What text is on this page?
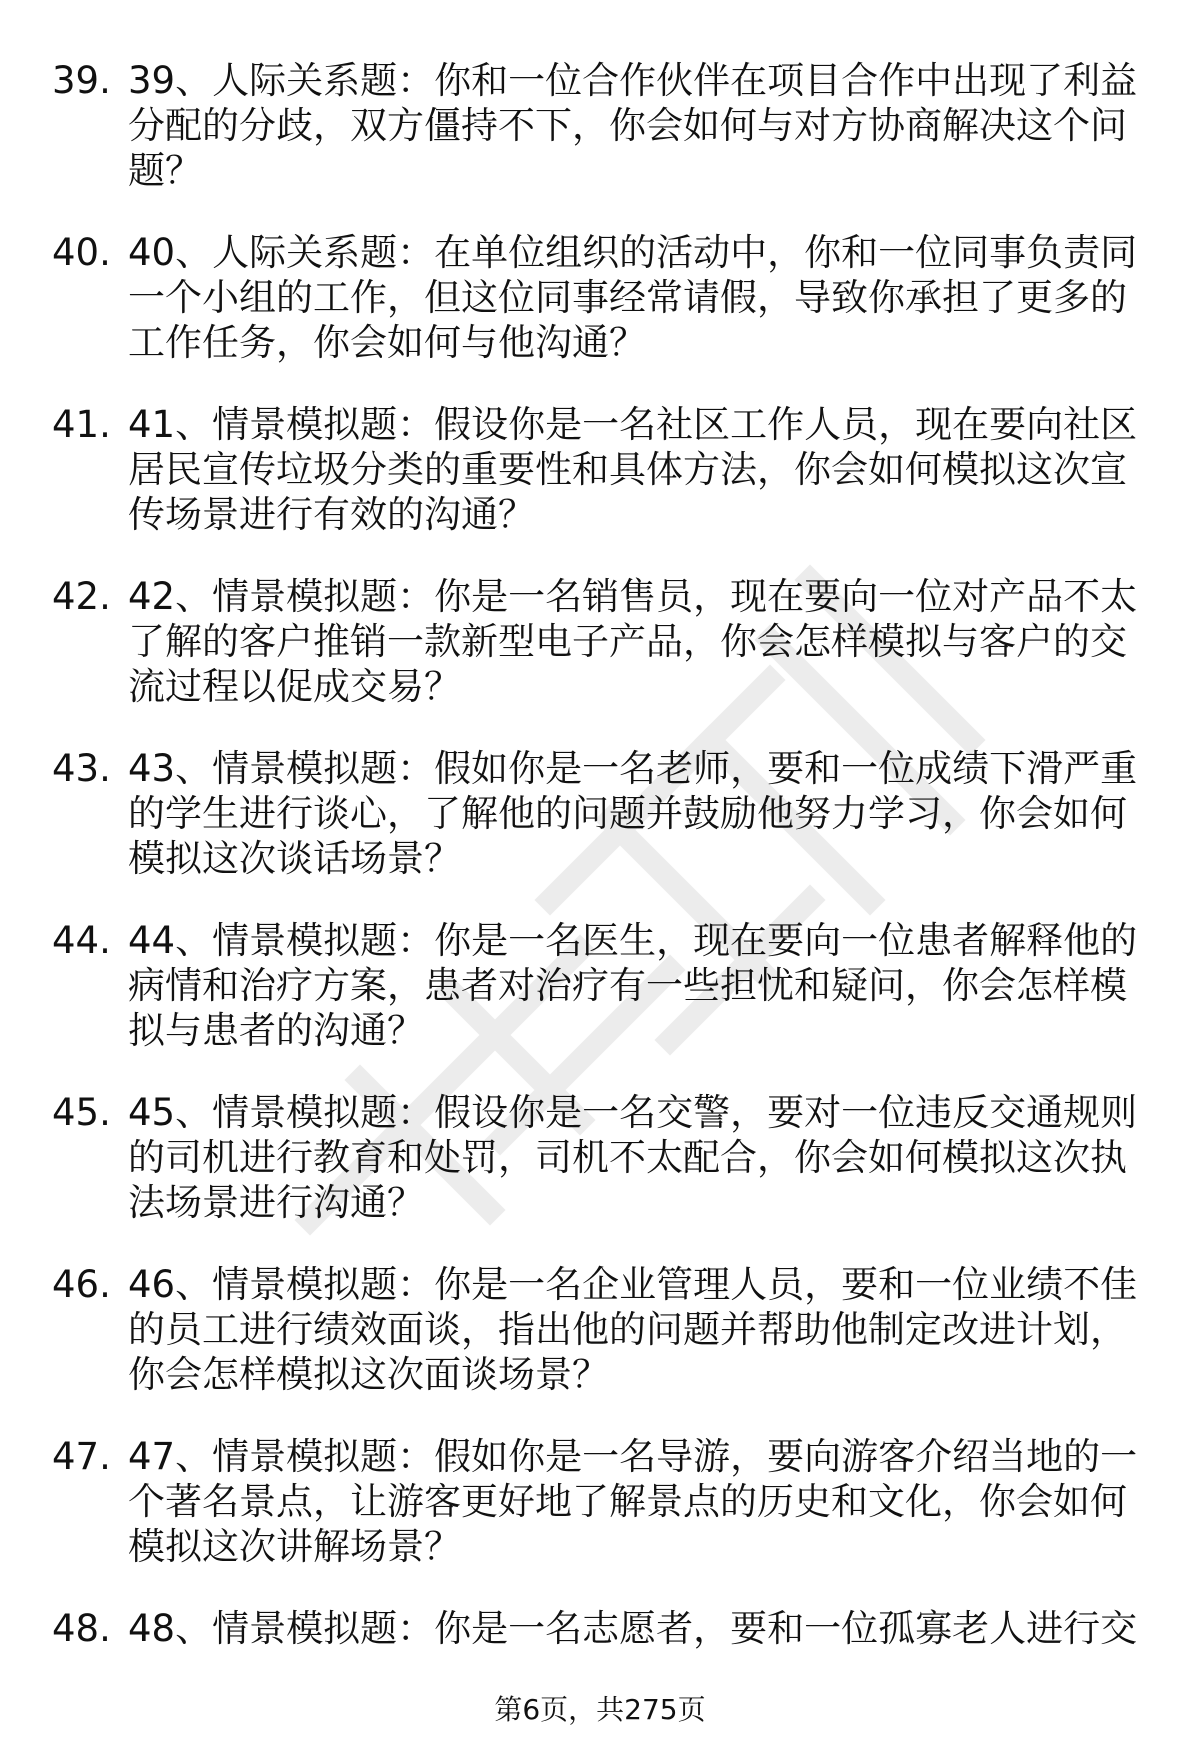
39. 39、人际关系题：你和一位合作伙伴在项目合作中出现了利益分配的分歧，双方僵持不下，你会如何与对方协商解决这个问题？
40. 40、人际关系题：在单位组织的活动中，你和一位同事负责同一个小组的工作，但这位同事经常请假，导致你承担了更多的工作任务，你会如何与他沟通？
41. 41、情景模拟题：假设你是一名社区工作人员，现在要向社区居民宣传垃圾分类的重要性和具体方法，你会如何模拟这次宣传场景进行有效的沟通？
42. 42、情景模拟题：你是一名销售员，现在要向一位对产品不太了解的客户推销一款新型电子产品，你会怎样模拟与客户的交流过程以促成交易？
43. 43、情景模拟题：假如你是一名老师，要和一位成绩下滑严重的学生进行谈心，了解他的问题并鼓励他努力学习，你会如何模拟这次谈话场景？
44. 44、情景模拟题：你是一名医生，现在要向一位患者解释他的病情和治疗方案，患者对治疗有一些担忧和疑问，你会怎样模拟与患者的沟通？
45. 45、情景模拟题：假设你是一名交警，要对一位违反交通规则的司机进行教育和处罚，司机不太配合，你会如何模拟这次执法场景进行沟通？
46. 46、情景模拟题：你是一名企业管理人员，要和一位业绩不佳的员工进行绩效面谈，指出他的问题并帮助他制定改进计划，你会怎样模拟这次面谈场景？
47. 47、情景模拟题：假如你是一名导游，要向游客介绍当地的一个著名景点，让游客更好地了解景点的历史和文化，你会如何模拟这次讲解场景？
48. 48、情景模拟题：你是一名志愿者，要和一位孤寡老人进行交
第6页，共275页
